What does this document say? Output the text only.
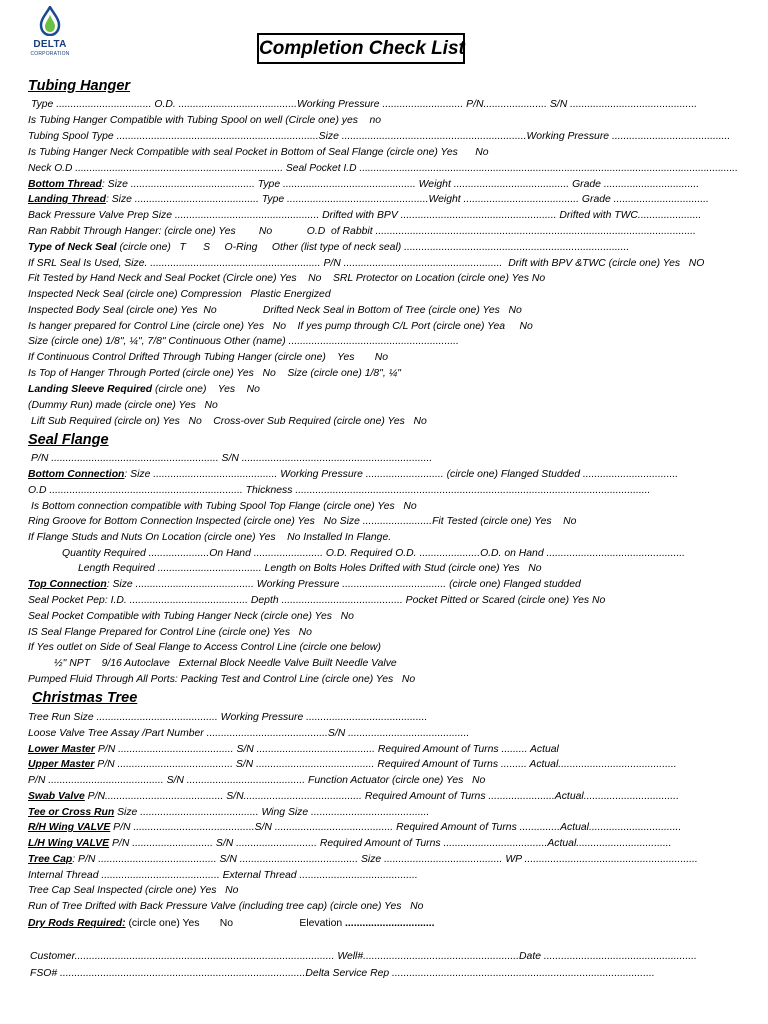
DELTA
CORPORATION	Completion Check List
Tubing Hanger
Type ................................. O.D. .........................................Working Pressure ............................ P/N...................... S/N ............................................
Is Tubing Hanger Compatible with Tubing Spool on well (Circle one) yes    no
Tubing Spool Type ......................................................................Size ................................................................Working Pressure .........................................
Is Tubing Hanger Neck Compatible with seal Pocket in Bottom of Seal Flange (circle one) Yes      No
Neck O.D ......................................................................... Seal Pocket I.D .....................................................................................................................................
Bottom Thread: Size ........................................... Type .............................................. Weight ........................................ Grade .................................
Landing Thread: Size ........................................... Type .................................................Weight ........................................ Grade .................................
Back Pressure Valve Prep Size .................................................. Drifted with BPV ...................................................... Drifted with TWC......................
Ran Rabbit Through Hanger: (circle one) Yes        No            O.D  of Rabbit ...............................................................................................................
Type of Neck Seal (circle one)   T      S     O-Ring     Other (list type of neck seal) ..............................................................................
If SRL Seal Is Used, Size. ........................................................... P/N .......................................................  Drift with BPV &TWC (circle one) Yes   NO
Fit Tested by Hand Neck and Seal Pocket (Circle one) Yes    No    SRL Protector on Location (circle one) Yes No
Inspected Neck Seal (circle one) Compression   Plastic Energized
Inspected Body Seal (circle one) Yes  No                Drifted Neck Seal in Bottom of Tree (circle one) Yes   No
Is hanger prepared for Control Line (circle one) Yes   No    If yes pump through C/L Port (circle one) Yea     No
Size (circle one) 1/8", ¼", 7/8" Continuous Other (name) ...........................................................
If Continuous Control Drifted Through Tubing Hanger (circle one)    Yes       No
Is Top of Hanger Through Ported (circle one) Yes   No    Size (circle one) 1/8", ¼"
Landing Sleeve Required (circle one)    Yes    No
(Dummy Run) made (circle one) Yes   No
Lift Sub Required (circle on) Yes   No    Cross-over Sub Required (circle one) Yes   No
Seal Flange
P/N .......................................................... S/N ..................................................................
Bottom Connection: Size ........................................... Working Pressure ........................... (circle one) Flanged Studded .................................
O.D ................................................................... Thickness ...........................................................................................................................
Is Bottom connection compatible with Tubing Spool Top Flange (circle one) Yes   No
Ring Groove for Bottom Connection Inspected (circle one) Yes   No Size ........................Fit Tested (circle one) Yes    No
If Flange Studs and Nuts On Location (circle one) Yes    No Installed In Flange.
Quantity Required .....................On Hand ........................ O.D. Required O.D. .....................O.D. on Hand ................................................
Length Required .................................... Length on Bolts Holes Drifted with Stud (circle one) Yes   No
Top Connection: Size ......................................... Working Pressure .................................... (circle one) Flanged studded
Seal Pocket Pep: I.D. ......................................... Depth .......................................... Pocket Pitted or Scared (circle one) Yes No
Seal Pocket Compatible with Tubing Hanger Neck (circle one) Yes   No
IS Seal Flange Prepared for Control Line (circle one) Yes   No
If Yes outlet on Side of Seal Flange to Access Control Line (circle one below)
½" NPT    9/16 Autoclave   External Block Needle Valve Built Needle Valve
Pumped Fluid Through All Ports: Packing Test and Control Line (circle one) Yes   No
Christmas Tree
Tree Run Size .......................................... Working Pressure ..........................................
Loose Valve Tree Assay /Part Number ..........................................S/N ..........................................
Lower Master P/N ........................................ S/N ......................................... Required Amount of Turns ......... Actual
Upper Master P/N ........................................ S/N ......................................... Required Amount of Turns ......... Actual.........................................
P/N ........................................ S/N ......................................... Function Actuator (circle one) Yes   No
Swab Valve P/N......................................... S/N......................................... Required Amount of Turns .......................Actual.................................
Tee or Cross Run Size ......................................... Wing Size .........................................
R/H Wing VALVE P/N ..........................................S/N ......................................... Required Amount of Turns ..............Actual................................
L/H Wing VALVE P/N ............................ S/N ............................ Required Amount of Turns ....................................Actual.................................
Tree Cap: P/N ......................................... S/N ......................................... Size ......................................... WP ............................................................
Internal Thread ......................................... External Thread .........................................
Tree Cap Seal Inspected (circle one) Yes   No
Run of Tree Drifted with Back Pressure Valve (including tree cap) (circle one) Yes   No
Dry Rods Required: (circle one) Yes       No                       Elevation ...............................
Customer.......................................................................................... Well#......................................................Date .....................................................
FSO# .....................................................................................Delta Service Rep ...........................................................................................
